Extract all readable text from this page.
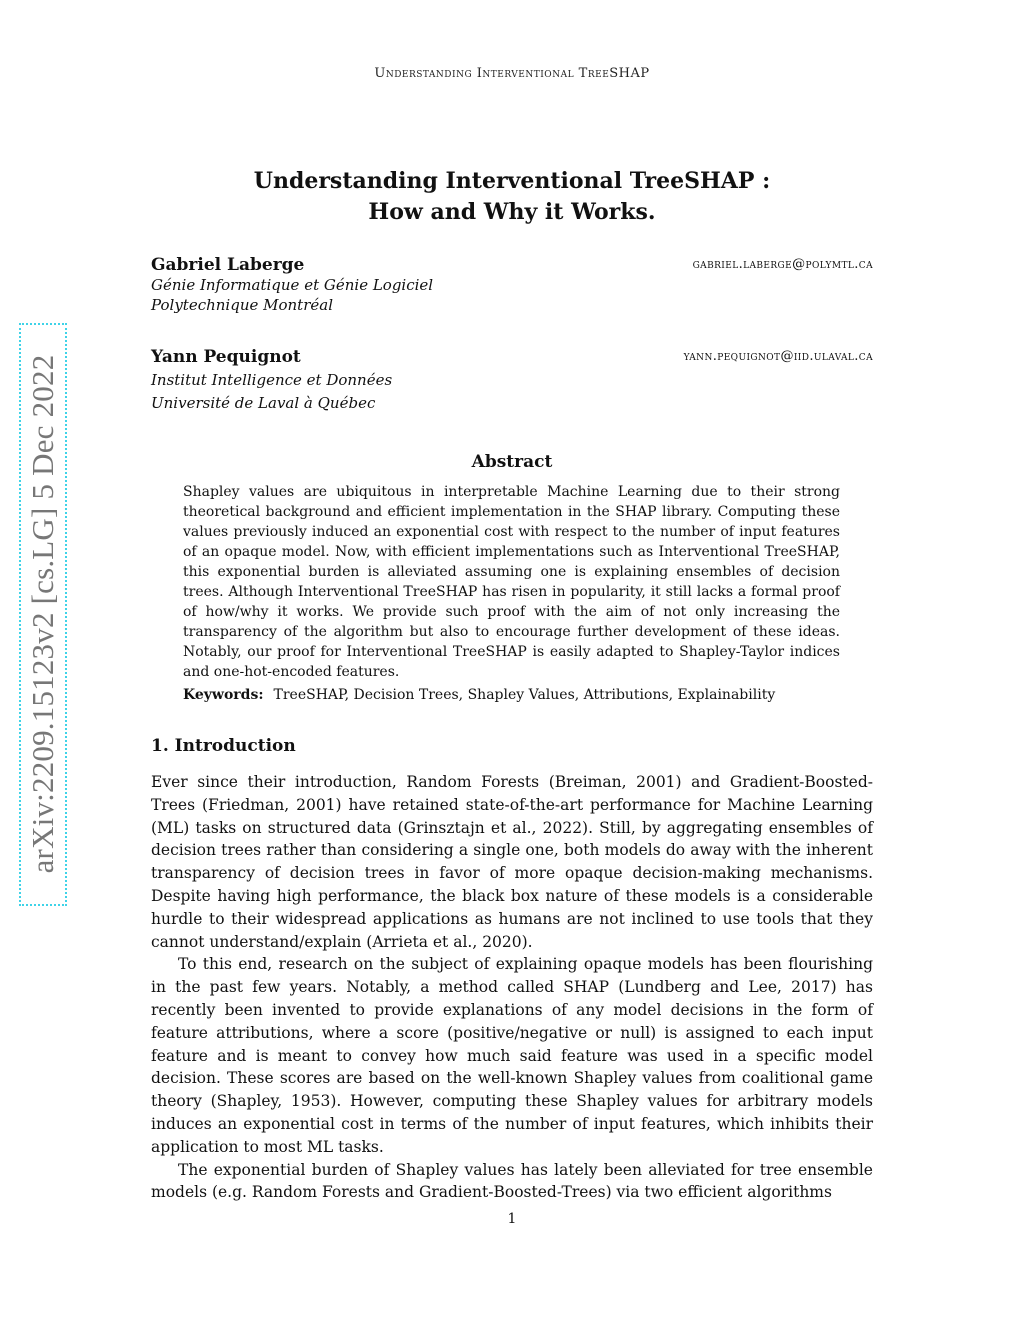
Understanding Interventional TreeSHAP
arXiv:2209.15123v2 [cs.LG] 5 Dec 2022
Understanding Interventional TreeSHAP :
How and Why it Works.
Gabriel Laberge	gabriel.laberge@polymtl.ca
Génie Informatique et Génie Logiciel
Polytechnique Montréal
Yann Pequignot	yann.pequignot@iid.ulaval.ca
Institut Intelligence et Données
Université de Laval à Québec
Abstract
Shapley values are ubiquitous in interpretable Machine Learning due to their strong theoretical background and efficient implementation in the SHAP library. Computing these values previously induced an exponential cost with respect to the number of input features of an opaque model. Now, with efficient implementations such as Interventional TreeSHAP, this exponential burden is alleviated assuming one is explaining ensembles of decision trees. Although Interventional TreeSHAP has risen in popularity, it still lacks a formal proof of how/why it works. We provide such proof with the aim of not only increasing the transparency of the algorithm but also to encourage further development of these ideas. Notably, our proof for Interventional TreeSHAP is easily adapted to Shapley-Taylor indices and one-hot-encoded features.
Keywords: TreeSHAP, Decision Trees, Shapley Values, Attributions, Explainability
1. Introduction

Ever since their introduction, Random Forests (Breiman, 2001) and Gradient-Boosted-Trees (Friedman, 2001) have retained state-of-the-art performance for Machine Learning (ML) tasks on structured data (Grinsztajn et al., 2022). Still, by aggregating ensembles of decision trees rather than considering a single one, both models do away with the inherent transparency of decision trees in favor of more opaque decision-making mechanisms. Despite having high performance, the black box nature of these models is a considerable hurdle to their widespread applications as humans are not inclined to use tools that they cannot understand/explain (Arrieta et al., 2020).

To this end, research on the subject of explaining opaque models has been flourishing in the past few years. Notably, a method called SHAP (Lundberg and Lee, 2017) has recently been invented to provide explanations of any model decisions in the form of feature attributions, where a score (positive/negative or null) is assigned to each input feature and is meant to convey how much said feature was used in a specific model decision. These scores are based on the well-known Shapley values from coalitional game theory (Shapley, 1953). However, computing these Shapley values for arbitrary models induces an exponential cost in terms of the number of input features, which inhibits their application to most ML tasks.

The exponential burden of Shapley values has lately been alleviated for tree ensemble models (e.g. Random Forests and Gradient-Boosted-Trees) via two efficient algorithms

1
